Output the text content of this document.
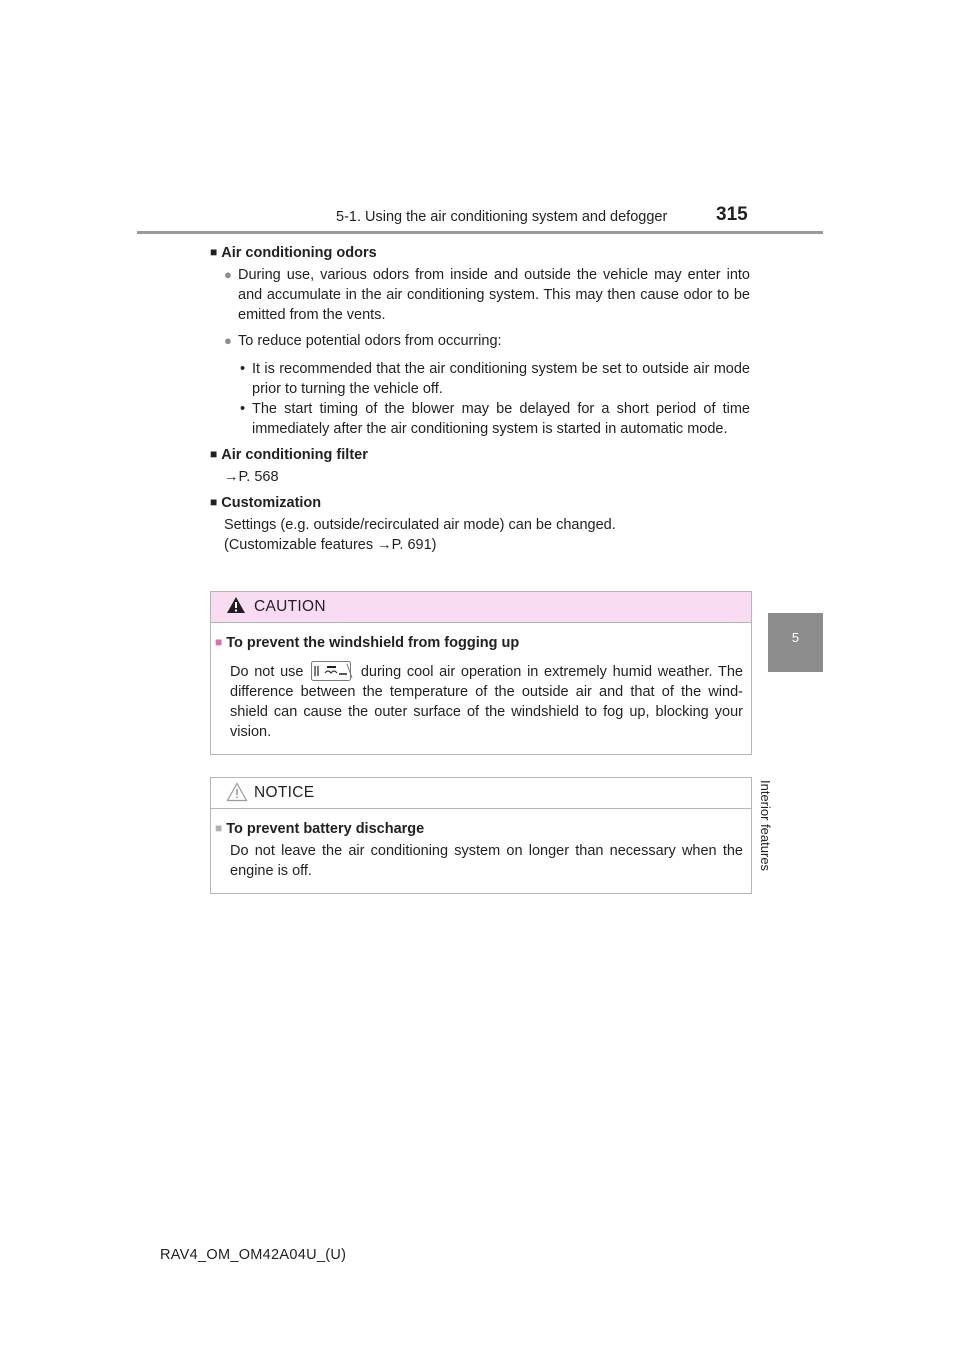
5-1. Using the air conditioning system and defogger	315
5
Interior features
■ Air conditioning odors
● During use, various odors from inside and outside the vehicle may enter into and accumulate in the air conditioning system. This may then cause odor to be emitted from the vents.
● To reduce potential odors from occurring:
• It is recommended that the air conditioning system be set to outside air mode prior to turning the vehicle off.
• The start timing of the blower may be delayed for a short period of time immediately after the air conditioning system is started in automatic mode.
■ Air conditioning filter
→P. 568
■ Customization
Settings (e.g. outside/recirculated air mode) can be changed.
(Customizable features →P. 691)
CAUTION
■ To prevent the windshield from fogging up
Do not use	during cool air operation in extremely humid weather. The difference between the temperature of the outside air and that of the wind-shield can cause the outer surface of the windshield to fog up, blocking your vision.
NOTICE
■ To prevent battery discharge
Do not leave the air conditioning system on longer than necessary when the engine is off.
RAV4_OM_OM42A04U_(U)
